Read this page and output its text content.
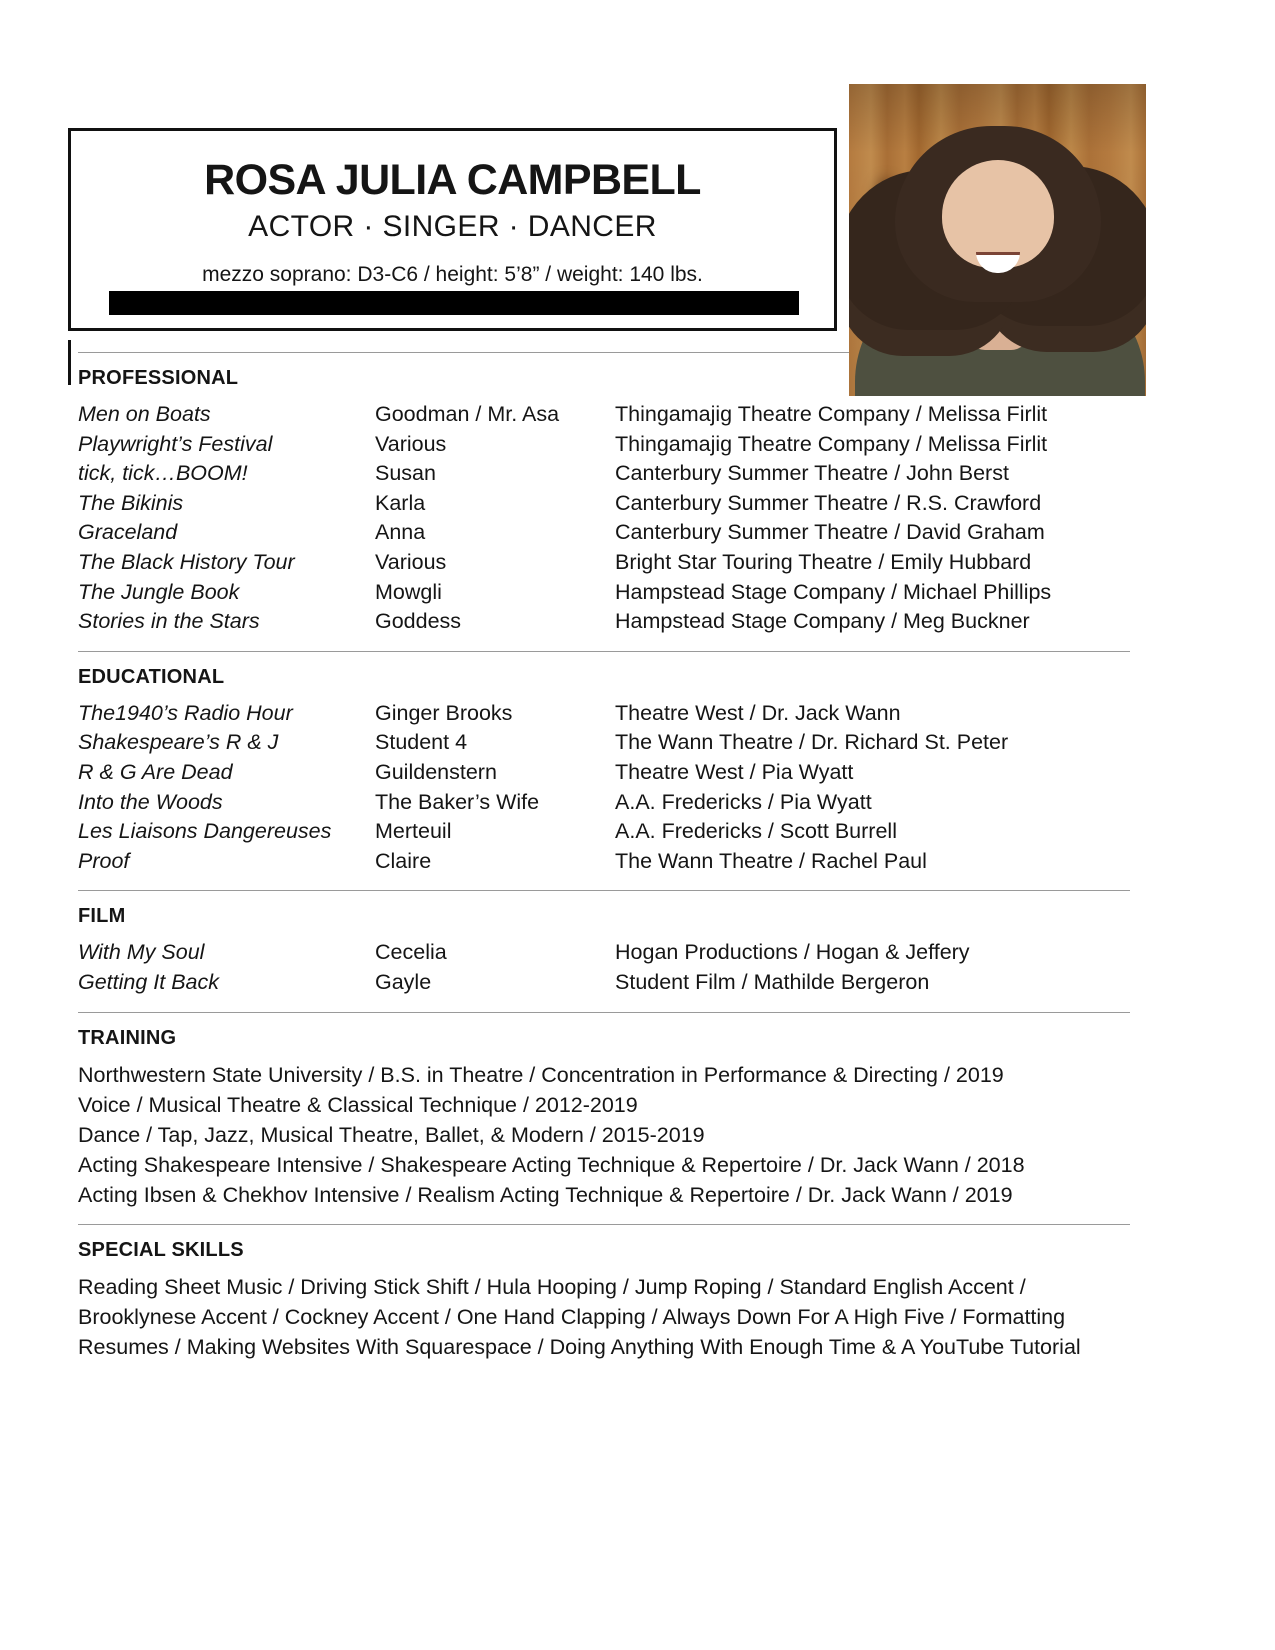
ROSA JULIA CAMPBELL
ACTOR · SINGER · DANCER
mezzo soprano: D3-C6 / height: 5’8” / weight: 140 lbs.
PROFESSIONAL
Men on Boats	Goodman / Mr. Asa	Thingamajig Theatre Company / Melissa Firlit
Playwright’s Festival	Various	Thingamajig Theatre Company / Melissa Firlit
tick, tick…BOOM!	Susan	Canterbury Summer Theatre / John Berst
The Bikinis	Karla	Canterbury Summer Theatre / R.S. Crawford
Graceland	Anna	Canterbury Summer Theatre / David Graham
The Black History Tour	Various	Bright Star Touring Theatre / Emily Hubbard
The Jungle Book	Mowgli	Hampstead Stage Company / Michael Phillips
Stories in the Stars	Goddess	Hampstead Stage Company / Meg Buckner
EDUCATIONAL
The1940’s Radio Hour	Ginger Brooks	Theatre West / Dr. Jack Wann
Shakespeare’s R & J	Student 4	The Wann Theatre / Dr. Richard St. Peter
R & G Are Dead	Guildenstern	Theatre West / Pia Wyatt
Into the Woods	The Baker’s Wife	A.A. Fredericks / Pia Wyatt
Les Liaisons Dangereuses	Merteuil	A.A. Fredericks / Scott Burrell
Proof	Claire	The Wann Theatre / Rachel Paul
FILM
With My Soul	Cecelia	Hogan Productions / Hogan & Jeffery
Getting It Back	Gayle	Student Film / Mathilde Bergeron
TRAINING
Northwestern State University / B.S. in Theatre / Concentration in Performance & Directing / 2019
Voice / Musical Theatre & Classical Technique / 2012-2019
Dance / Tap, Jazz, Musical Theatre, Ballet, & Modern / 2015-2019
Acting Shakespeare Intensive / Shakespeare Acting Technique & Repertoire / Dr. Jack Wann / 2018
Acting Ibsen & Chekhov Intensive / Realism Acting Technique & Repertoire / Dr. Jack Wann / 2019
SPECIAL SKILLS
Reading Sheet Music / Driving Stick Shift / Hula Hooping / Jump Roping / Standard English Accent /
Brooklynese Accent / Cockney Accent / One Hand Clapping / Always Down For A High Five / Formatting
Resumes / Making Websites With Squarespace / Doing Anything With Enough Time & A YouTube Tutorial
